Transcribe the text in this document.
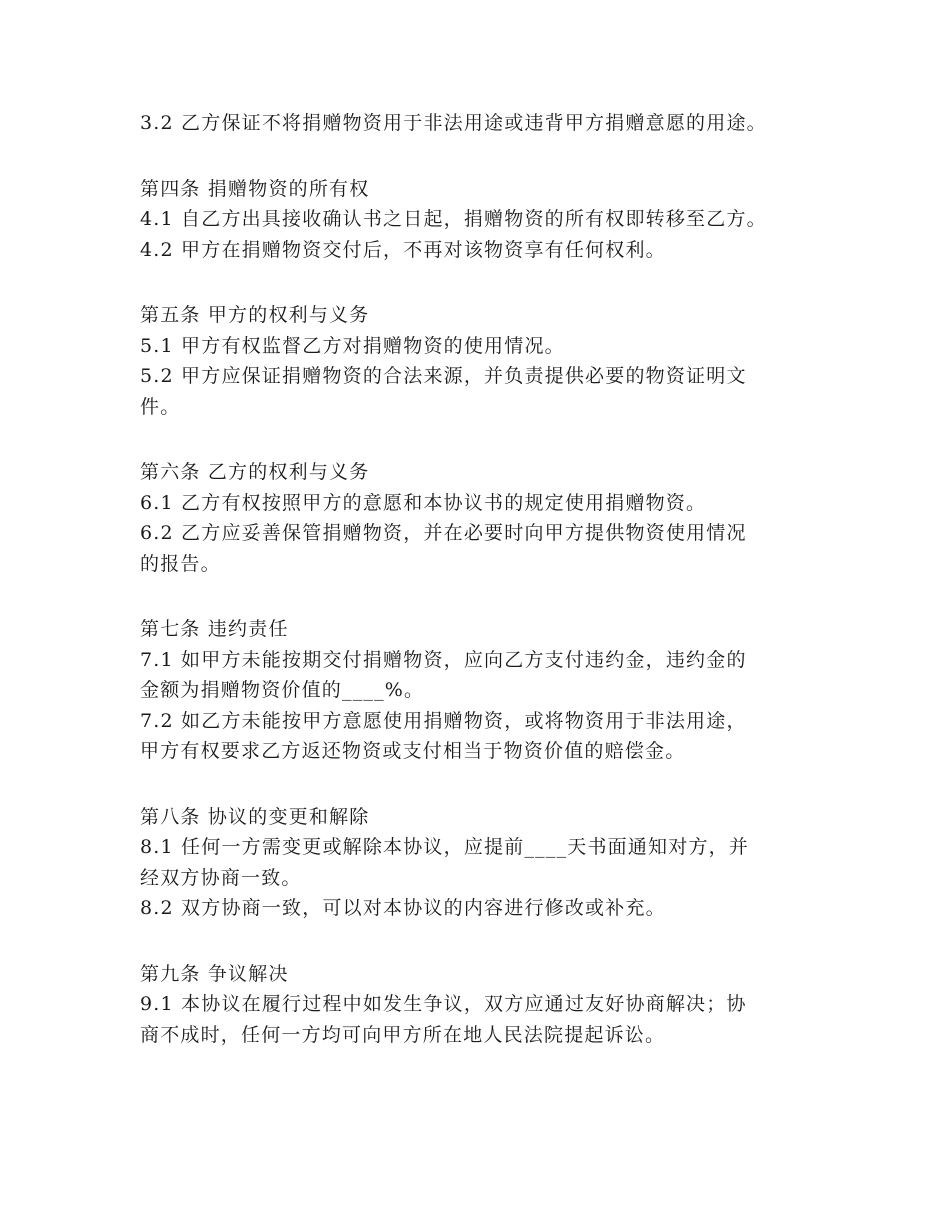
3.2 乙方保证不将捐赠物资用于非法用途或违背甲方捐赠意愿的用途。
第四条 捐赠物资的所有权
4.1 自乙方出具接收确认书之日起，捐赠物资的所有权即转移至乙方。
4.2 甲方在捐赠物资交付后，不再对该物资享有任何权利。
第五条 甲方的权利与义务
5.1 甲方有权监督乙方对捐赠物资的使用情况。
5.2 甲方应保证捐赠物资的合法来源，并负责提供必要的物资证明文
件。
第六条 乙方的权利与义务
6.1 乙方有权按照甲方的意愿和本协议书的规定使用捐赠物资。
6.2 乙方应妥善保管捐赠物资，并在必要时向甲方提供物资使用情况
的报告。
第七条 违约责任
7.1 如甲方未能按期交付捐赠物资，应向乙方支付违约金，违约金的
金额为捐赠物资价值的____%。
7.2 如乙方未能按甲方意愿使用捐赠物资，或将物资用于非法用途，
甲方有权要求乙方返还物资或支付相当于物资价值的赔偿金。
第八条 协议的变更和解除
8.1 任何一方需变更或解除本协议，应提前____天书面通知对方，并
经双方协商一致。
8.2 双方协商一致，可以对本协议的内容进行修改或补充。
第九条 争议解决
9.1 本协议在履行过程中如发生争议，双方应通过友好协商解决；协
商不成时，任何一方均可向甲方所在地人民法院提起诉讼。
